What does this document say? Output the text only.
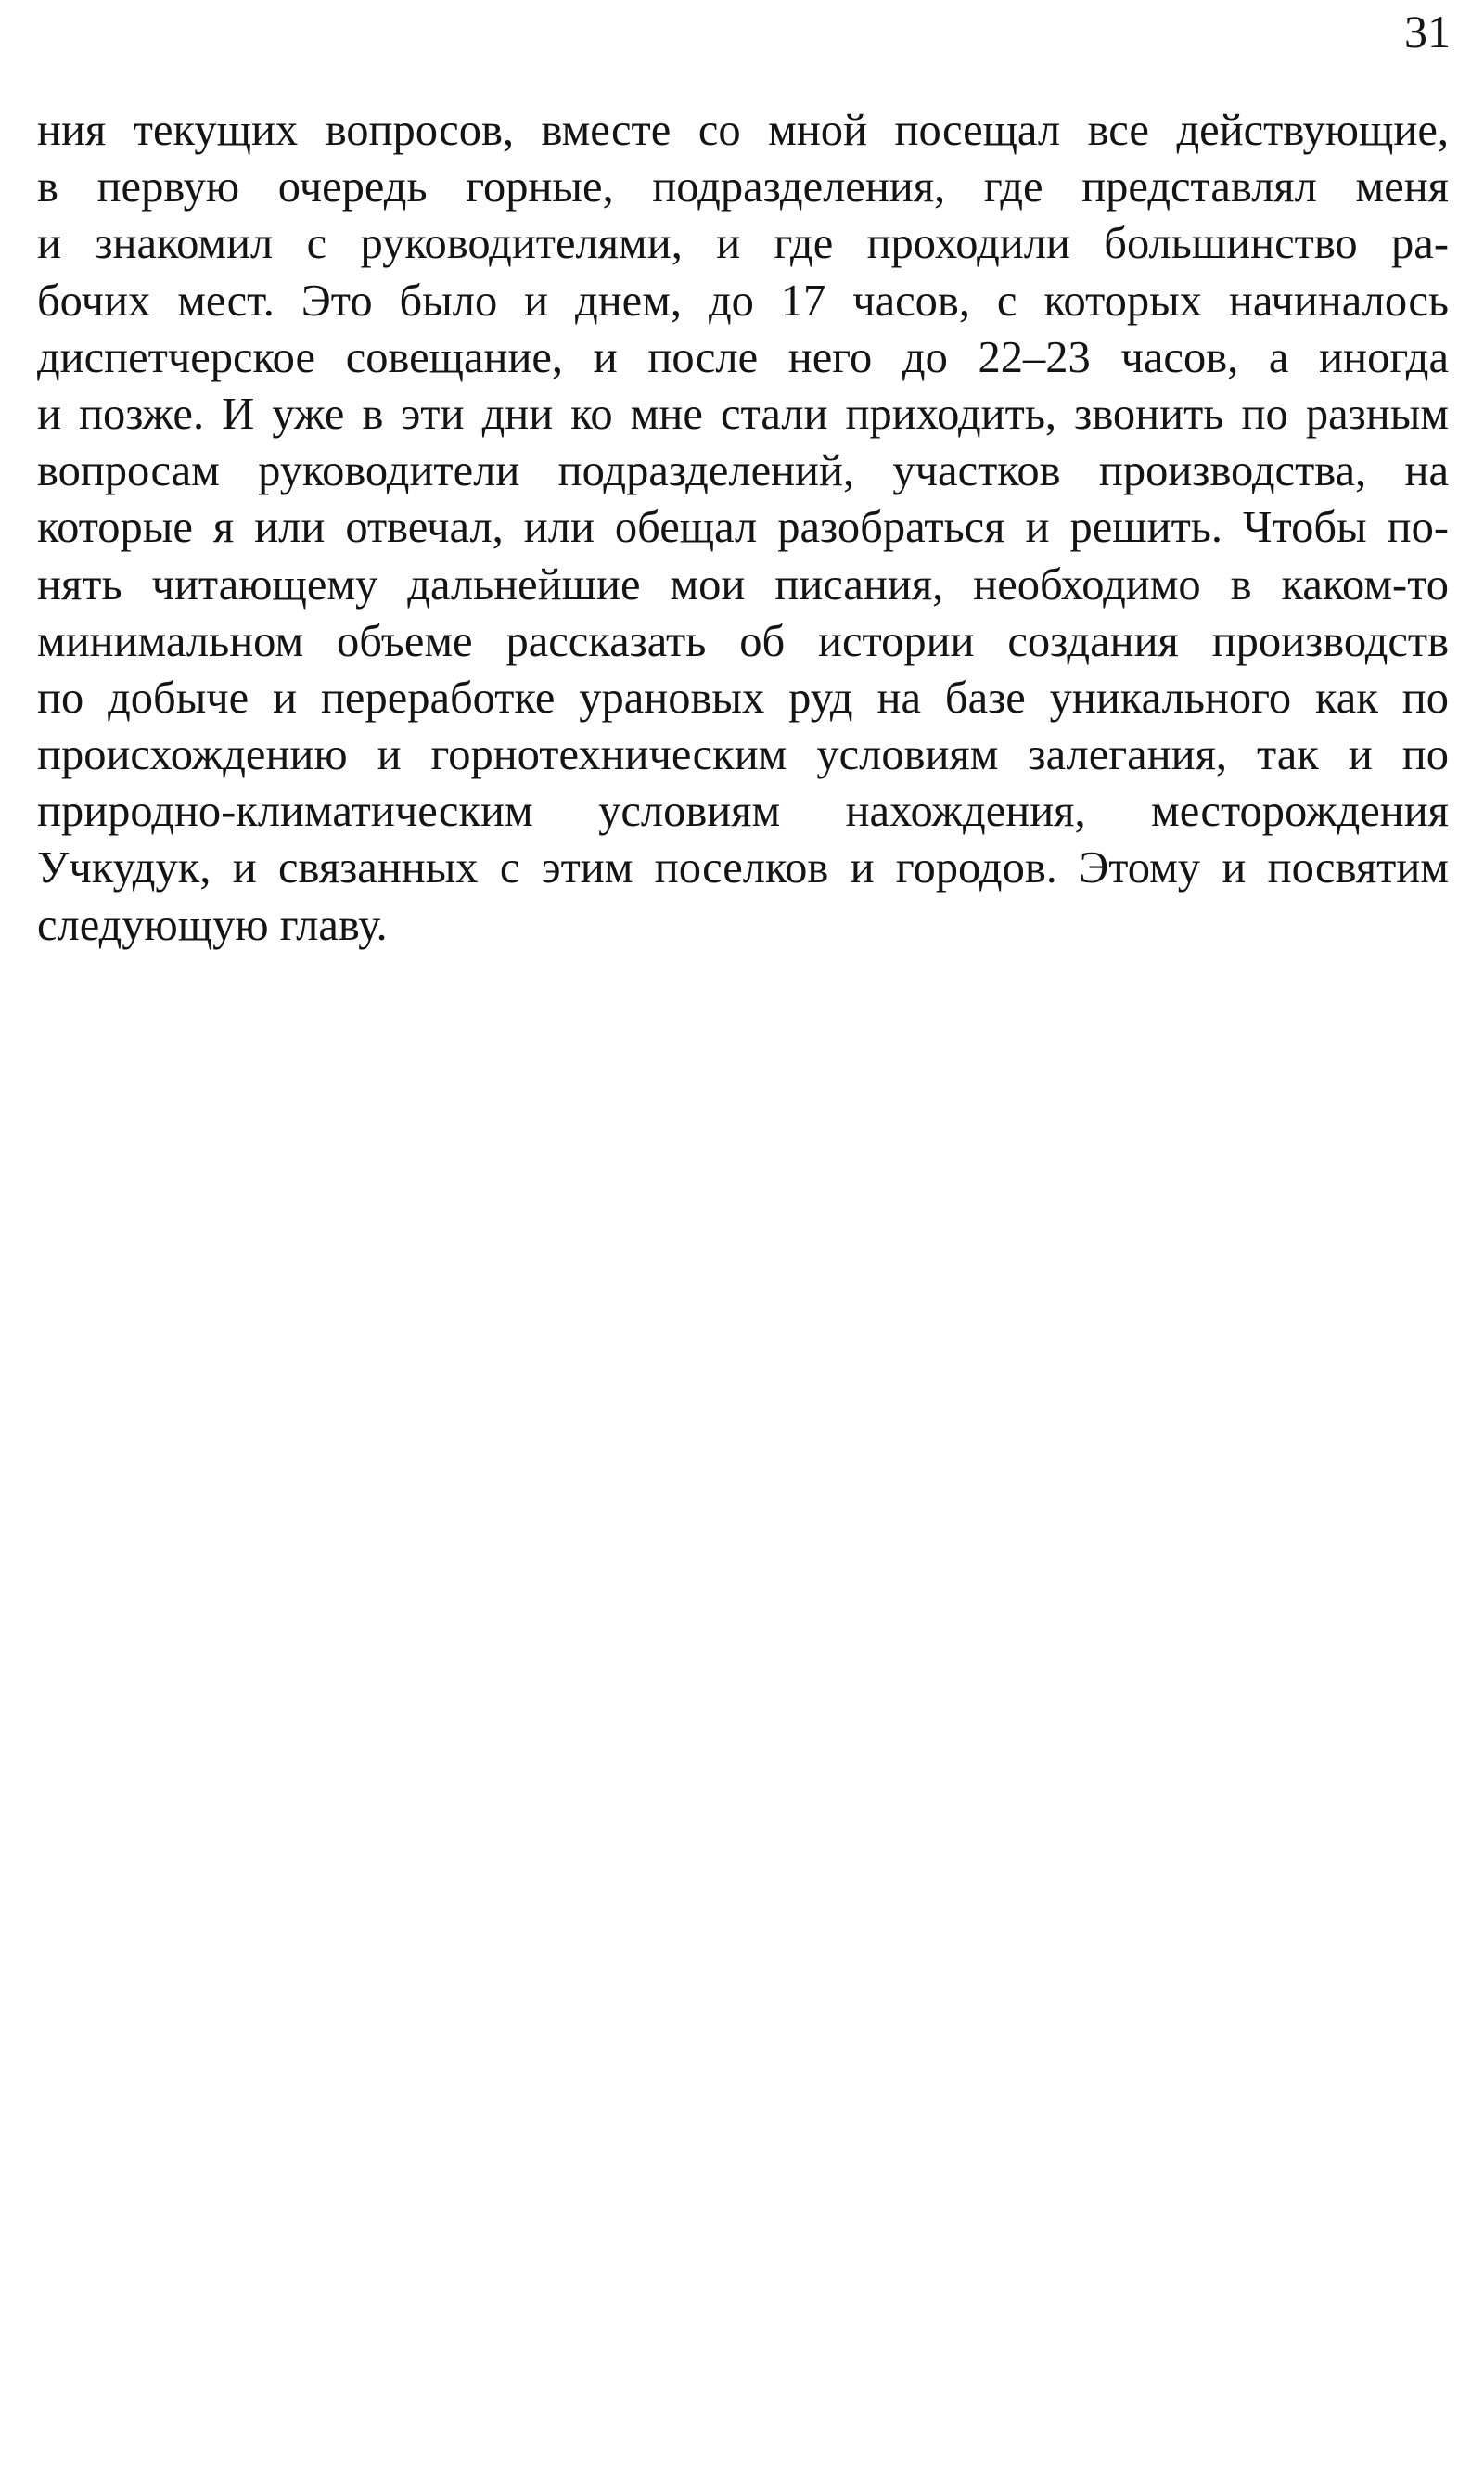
31
ния текущих вопросов, вместе со мной посещал все действующие,
в первую очередь горные, подразделения, где представлял меня
и знакомил с руководителями, и где проходили большинство ра-
бочих мест. Это было и днем, до 17 часов, с которых начиналось
диспетчерское совещание, и после него до 22–23 часов, а иногда
и позже. И уже в эти дни ко мне стали приходить, звонить по разным
вопросам руководители подразделений, участков производства, на
которые я или отвечал, или обещал разобраться и решить. Чтобы по-
нять читающему дальнейшие мои писания, необходимо в каком-то
минимальном объеме рассказать об истории создания производств
по добыче и переработке урановых руд на базе уникального как по
происхождению и горнотехническим условиям залегания, так и по
природно-климатическим условиям нахождения, месторождения
Учкудук, и связанных с этим поселков и городов. Этому и посвятим
следующую главу.
